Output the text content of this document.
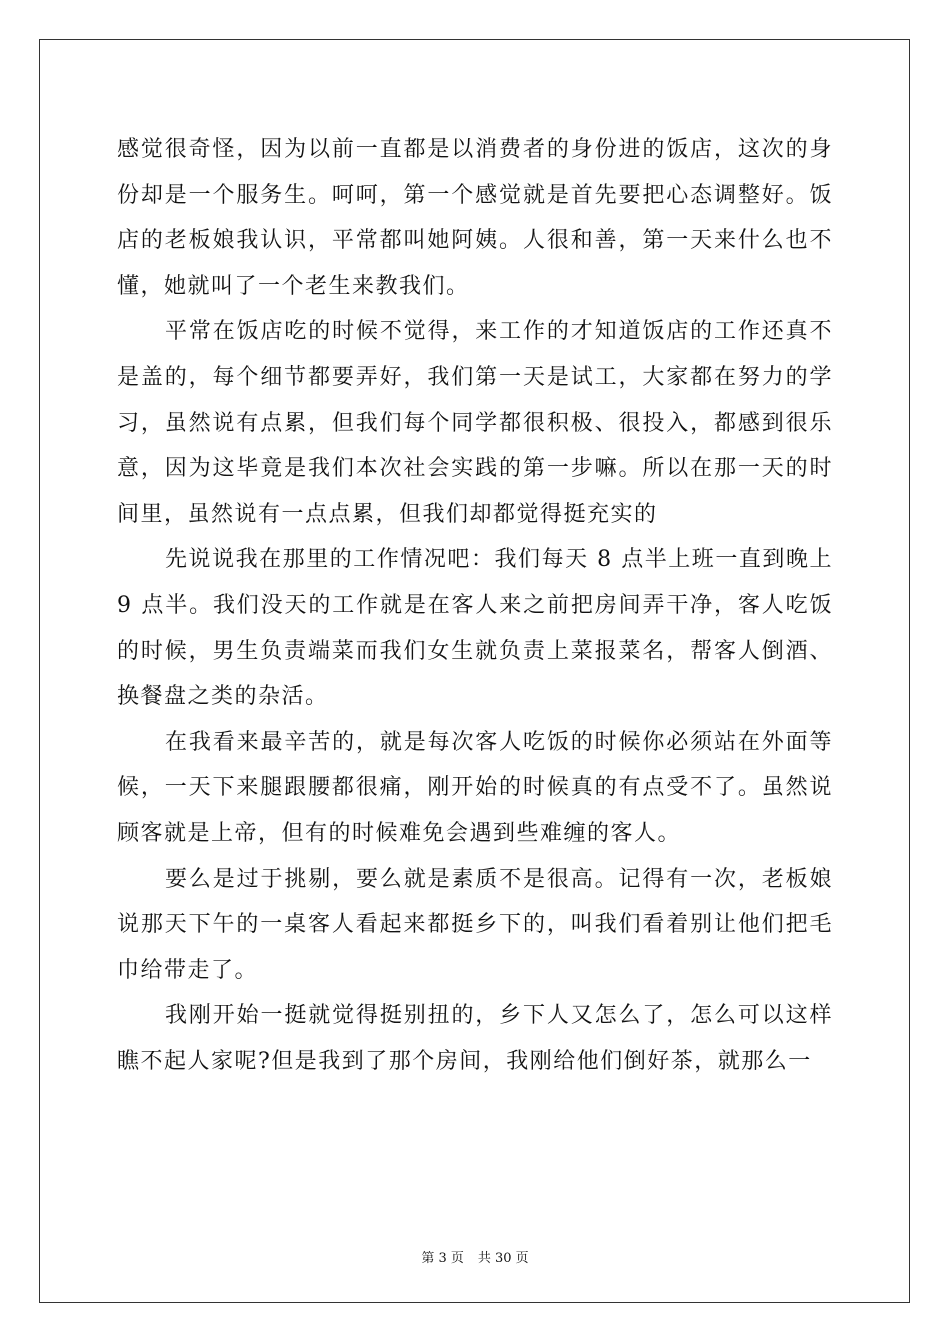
感觉很奇怪，因为以前一直都是以消费者的身份进的饭店，这次的身份却是一个服务生。呵呵，第一个感觉就是首先要把心态调整好。饭店的老板娘我认识，平常都叫她阿姨。人很和善，第一天来什么也不懂，她就叫了一个老生来教我们。

平常在饭店吃的时候不觉得，来工作的才知道饭店的工作还真不是盖的，每个细节都要弄好，我们第一天是试工，大家都在努力的学习，虽然说有点累，但我们每个同学都很积极、很投入，都感到很乐意，因为这毕竟是我们本次社会实践的第一步嘛。所以在那一天的时间里，虽然说有一点点累，但我们却都觉得挺充实的

先说说我在那里的工作情况吧：我们每天 8 点半上班一直到晚上 9 点半。我们没天的工作就是在客人来之前把房间弄干净，客人吃饭的时候，男生负责端菜而我们女生就负责上菜报菜名，帮客人倒酒、换餐盘之类的杂活。

在我看来最辛苦的，就是每次客人吃饭的时候你必须站在外面等候，一天下来腿跟腰都很痛，刚开始的时候真的有点受不了。虽然说顾客就是上帝，但有的时候难免会遇到些难缠的客人。

要么是过于挑剔，要么就是素质不是很高。记得有一次，老板娘说那天下午的一桌客人看起来都挺乡下的，叫我们看着别让他们把毛巾给带走了。

我刚开始一挺就觉得挺别扭的，乡下人又怎么了，怎么可以这样瞧不起人家呢?但是我到了那个房间，我刚给他们倒好茶，就那么一

第 3 页 共 30 页
